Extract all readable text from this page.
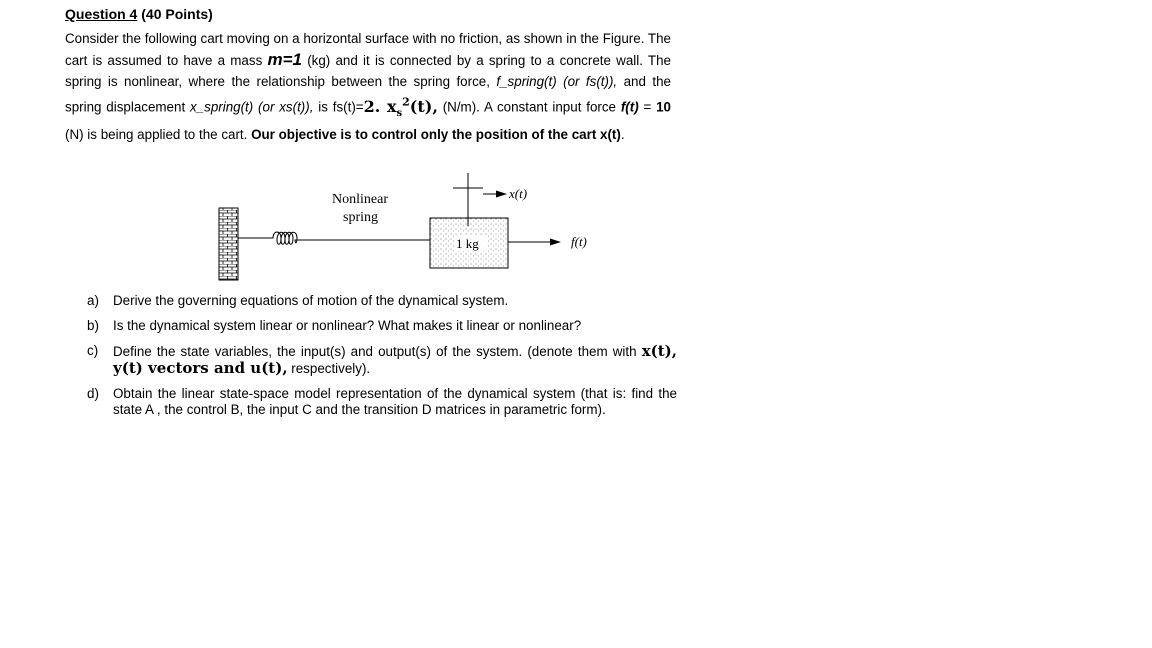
Question 4 (40 Points)
Consider the following cart moving on a horizontal surface with no friction, as shown in the Figure. The cart is assumed to have a mass m=1 (kg) and it is connected by a spring to a concrete wall. The spring is nonlinear, where the relationship between the spring force, f_spring(t) (or fs(t)), and the spring displacement x_spring(t) (or xs(t)), is fs(t)=2. $x_s^2(t)$, (N/m). A constant input force f(t) = 10 (N) is being applied to the cart. Our objective is to control only the position of the cart x(t).
Nonlinear
spring
1 kg
x(t)
f(t)
a)	Derive the governing equations of motion of the dynamical system.
b)	Is the dynamical system linear or nonlinear? What makes it linear or nonlinear?
c)	Define the state variables, the input(s) and output(s) of the system. (denote them with x(t), y(t) vectors and u(t), respectively).
d)	Obtain the linear state-space model representation of the dynamical system (that is: find the state A , the control B, the input C and the transition D matrices in parametric form).
